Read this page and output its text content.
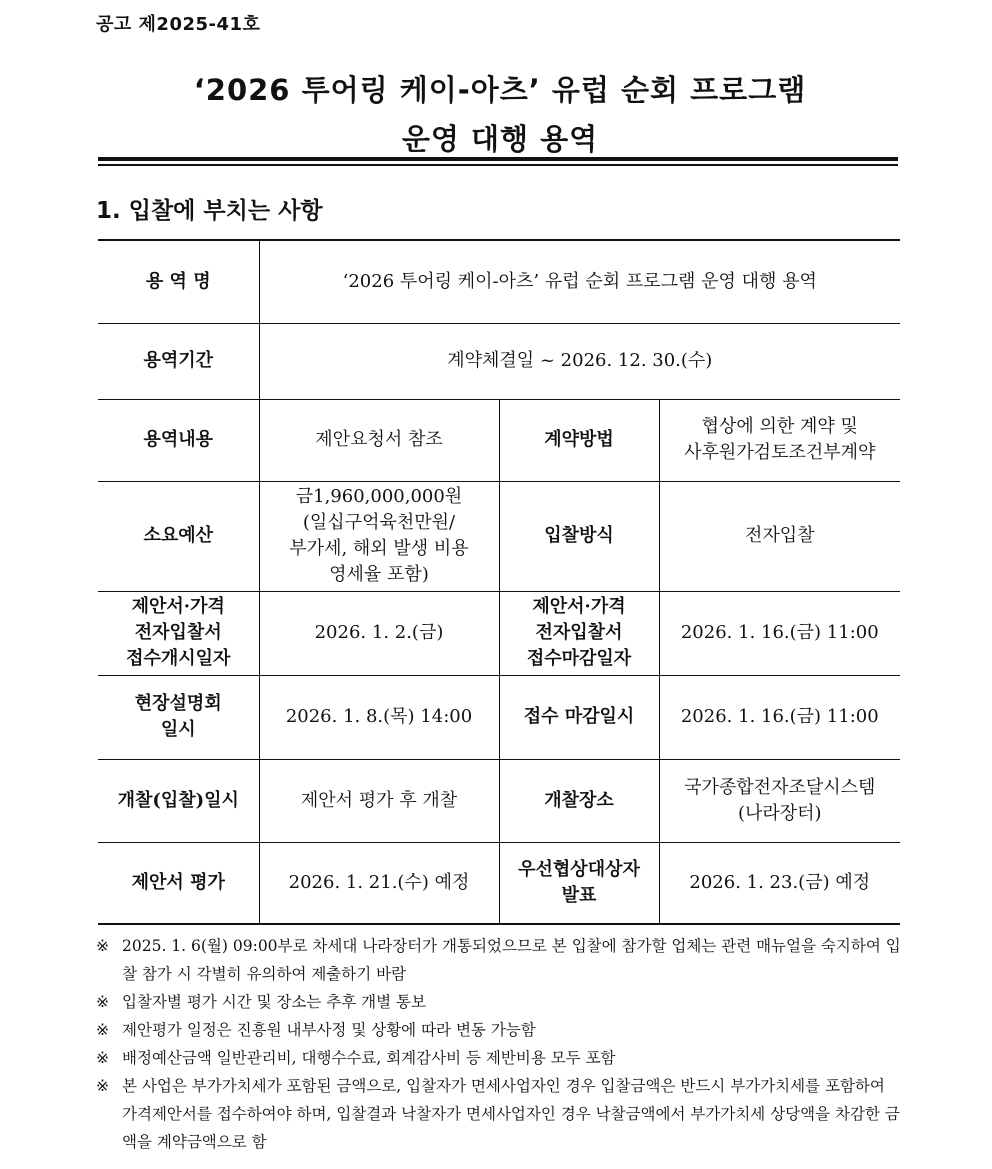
공고 제2025-41호
‘2026 투어링 케이-아츠’ 유럽 순회 프로그램
운영 대행 용역
1. 입찰에 부치는 사항
용 역 명	‘2026 투어링 케이-아츠’ 유럽 순회 프로그램 운영 대행 용역		
용역기간	계약체결일 ~ 2026. 12. 30.(수)		
용역내용	제안요청서 참조	계약방법	협상에 의한 계약 및
사후원가검토조건부계약
소요예산	금1,960,000,000원
(일십구억육천만원/
부가세, 해외 발생 비용
영세율 포함)	입찰방식	전자입찰
제안서·가격
전자입찰서
접수개시일자	2026. 1. 2.(금)	제안서·가격
전자입찰서
접수마감일자	2026. 1. 16.(금) 11:00
현장설명회
일시	2026. 1. 8.(목) 14:00	접수 마감일시	2026. 1. 16.(금) 11:00
개찰(입찰)일시	제안서 평가 후 개찰	개찰장소	국가종합전자조달시스템
(나라장터)
제안서 평가	2026. 1. 21.(수) 예정	우선협상대상자
발표	2026. 1. 23.(금) 예정
※ 2025. 1. 6(월) 09:00부로 차세대 나라장터가 개통되었으므로 본 입찰에 참가할 업체는 관련 매뉴얼을 숙지하여 입찰 참가 시 각별히 유의하여 제출하기 바람
※ 입찰자별 평가 시간 및 장소는 추후 개별 통보
※ 제안평가 일정은 진흥원 내부사정 및 상황에 따라 변동 가능함
※ 배정예산금액 일반관리비, 대행수수료, 회계감사비 등 제반비용 모두 포함
※ 본 사업은 부가가치세가 포함된 금액으로, 입찰자가 면세사업자인 경우 입찰금액은 반드시 부가가치세를 포함하여 가격제안서를 접수하여야 하며, 입찰결과 낙찰자가 면세사업자인 경우 낙찰금액에서 부가가치세 상당액을 차감한 금액을 계약금액으로 함
